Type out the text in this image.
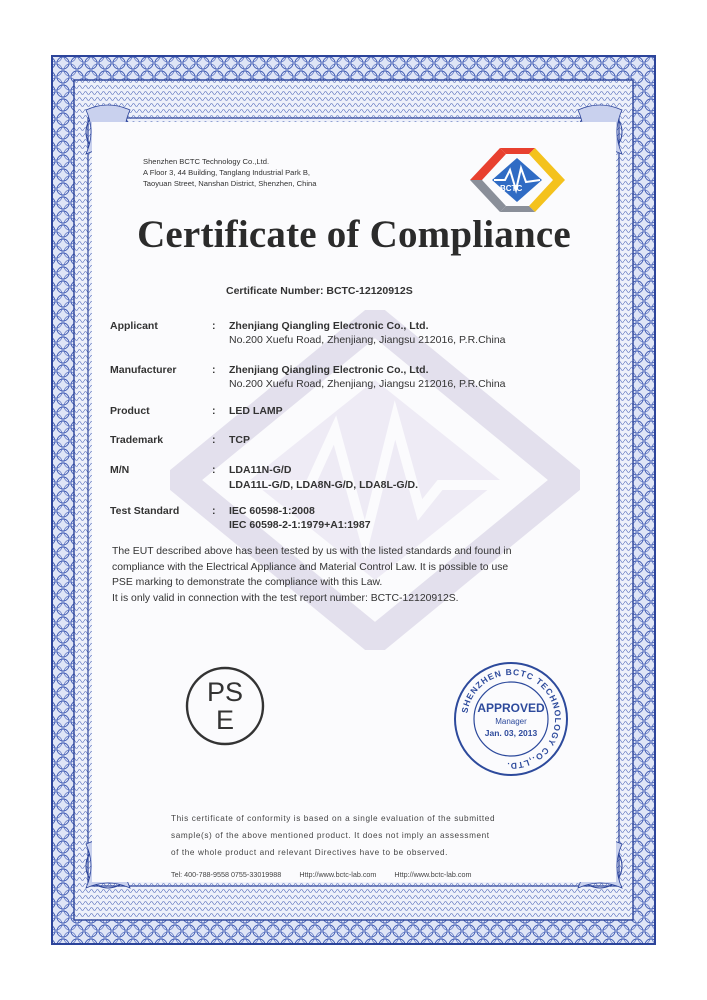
Shenzhen BCTC Technology Co.,Ltd.
A Floor 3, 44 Building, Tanglang Industrial Park B,
Taoyuan Street, Nanshan District, Shenzhen, China
BCTC
Certificate of Compliance
Certificate Number: BCTC-12120912S
Applicant	: Zhenjiang Qiangling Electronic Co., Ltd.
No.200 Xuefu Road, Zhenjiang, Jiangsu 212016, P.R.China
Manufacturer	: Zhenjiang Qiangling Electronic Co., Ltd.
No.200 Xuefu Road, Zhenjiang, Jiangsu 212016, P.R.China
Product	: LED LAMP
Trademark	: TCP
M/N	: LDA11N-G/D
LDA11L-G/D, LDA8N-G/D, LDA8L-G/D.
Test Standard	: IEC 60598-1:2008
IEC 60598-2-1:1979+A1:1987
The EUT described above has been tested by us with the listed standards and found in
compliance with the Electrical Appliance and Material Control Law. It is possible to use
PSE marking to demonstrate the compliance with this Law.
It is only valid in connection with the test report number: BCTC-12120912S.
PS
E	SHENZHEN BCTC TECHNOLOGY CO.,LTD.
APPROVED
Manager
Jan. 03, 2013
This certificate of conformity is based on a single evaluation of the submitted
sample(s) of the above mentioned product. It does not imply an assessment
of the whole product and relevant Directives have to be observed.
Tel: 400-788-9558 0755-33019988	Http://www.bctc-lab.com	Http://www.bctc-lab.com
